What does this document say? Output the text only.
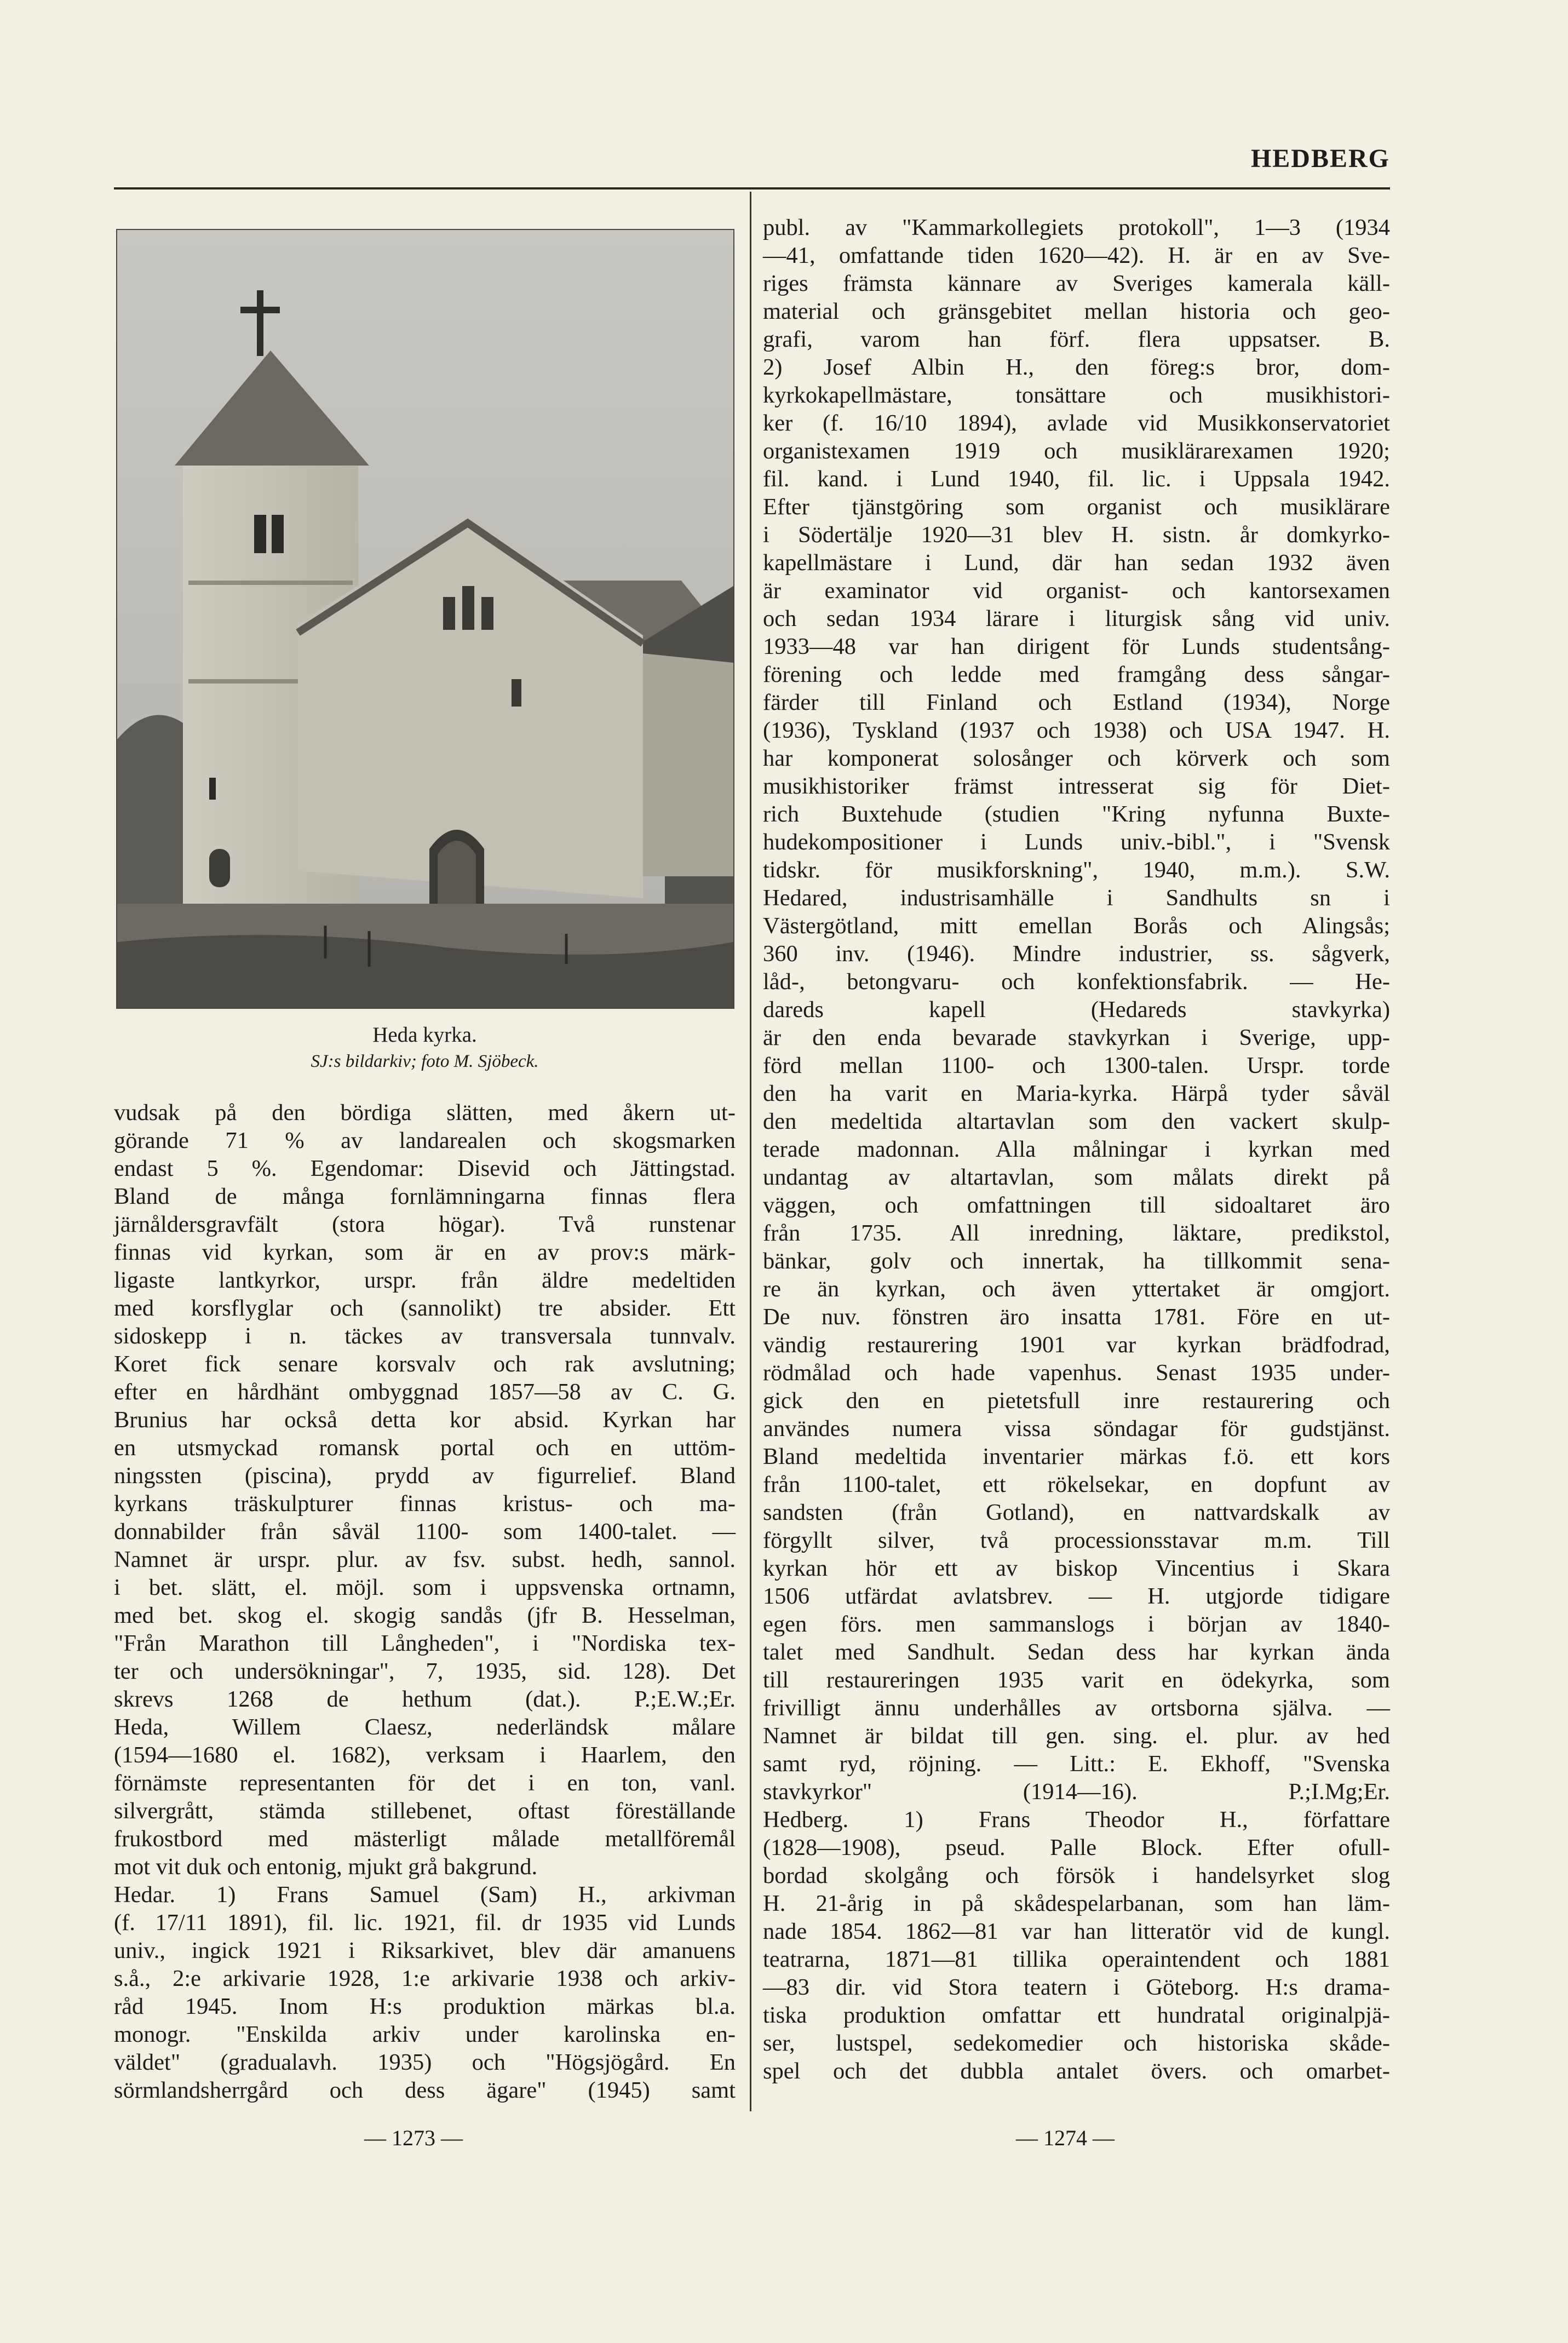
HEDBERG
Heda kyrka.
SJ:s bildarkiv; foto M. Sjöbeck.
vudsak på den bördiga slätten, med åkern ut-
görande 71 % av landarealen och skogsmarken
endast 5 %. Egendomar: Disevid och Jättingstad.
Bland de många fornlämningarna finnas flera
järnåldersgravfält (stora högar). Två runstenar
finnas vid kyrkan, som är en av prov:s märk-
ligaste lantkyrkor, urspr. från äldre medeltiden
med korsflyglar och (sannolikt) tre absider. Ett
sidoskepp i n. täckes av transversala tunnvalv.
Koret fick senare korsvalv och rak avslutning;
efter en hårdhänt ombyggnad 1857—58 av C. G.
Brunius har också detta kor absid. Kyrkan har
en utsmyckad romansk portal och en uttöm-
ningssten (piscina), prydd av figurrelief. Bland
kyrkans träskulpturer finnas kristus- och ma-
donnabilder från såväl 1100- som 1400-talet. —
Namnet är urspr. plur. av fsv. subst. hedh, sannol.
i bet. slätt, el. möjl. som i uppsvenska ortnamn,
med bet. skog el. skogig sandås (jfr B. Hesselman,
"Från Marathon till Långheden", i "Nordiska tex-
ter och undersökningar", 7, 1935, sid. 128). Det
skrevs 1268 de hethum (dat.). P.;E.W.;Er.
Heda, Willem Claesz, nederländsk målare
(1594—1680 el. 1682), verksam i Haarlem, den
förnämste representanten för det i en ton, vanl.
silvergrått, stämda stillebenet, oftast föreställande
frukostbord med mästerligt målade metallföremål
mot vit duk och entonig, mjukt grå bakgrund.
Hedar. 1) Frans Samuel (Sam) H., arkivman
(f. 17/11 1891), fil. lic. 1921, fil. dr 1935 vid Lunds
univ., ingick 1921 i Riksarkivet, blev där amanuens
s.å., 2:e arkivarie 1928, 1:e arkivarie 1938 och arkiv-
råd 1945. Inom H:s produktion märkas bl.a.
monogr. "Enskilda arkiv under karolinska en-
väldet" (gradualavh. 1935) och "Högsjögård. En
sörmlandsherrgård och dess ägare" (1945) samt
publ. av "Kammarkollegiets protokoll", 1—3 (1934
—41, omfattande tiden 1620—42). H. är en av Sve-
riges främsta kännare av Sveriges kamerala käll-
material och gränsgebitet mellan historia och geo-
grafi, varom han förf. flera uppsatser. B.
2) Josef Albin H., den föreg:s bror, dom-
kyrkokapellmästare, tonsättare och musikhistori-
ker (f. 16/10 1894), avlade vid Musikkonservatoriet
organistexamen 1919 och musiklärarexamen 1920;
fil. kand. i Lund 1940, fil. lic. i Uppsala 1942.
Efter tjänstgöring som organist och musiklärare
i Södertälje 1920—31 blev H. sistn. år domkyrko-
kapellmästare i Lund, där han sedan 1932 även
är examinator vid organist- och kantorsexamen
och sedan 1934 lärare i liturgisk sång vid univ.
1933—48 var han dirigent för Lunds studentsång-
förening och ledde med framgång dess sångar-
färder till Finland och Estland (1934), Norge
(1936), Tyskland (1937 och 1938) och USA 1947. H.
har komponerat solosånger och körverk och som
musikhistoriker främst intresserat sig för Diet-
rich Buxtehude (studien "Kring nyfunna Buxte-
hudekompositioner i Lunds univ.-bibl.", i "Svensk
tidskr. för musikforskning", 1940, m.m.). S.W.
Hedared, industrisamhälle i Sandhults sn i
Västergötland, mitt emellan Borås och Alingsås;
360 inv. (1946). Mindre industrier, ss. sågverk,
låd-, betongvaru- och konfektionsfabrik. — He-
dareds kapell (Hedareds stavkyrka)
är den enda bevarade stavkyrkan i Sverige, upp-
förd mellan 1100- och 1300-talen. Urspr. torde
den ha varit en Maria-kyrka. Härpå tyder såväl
den medeltida altartavlan som den vackert skulp-
terade madonnan. Alla målningar i kyrkan med
undantag av altartavlan, som målats direkt på
väggen, och omfattningen till sidoaltaret äro
från 1735. All inredning, läktare, predikstol,
bänkar, golv och innertak, ha tillkommit sena-
re än kyrkan, och även yttertaket är omgjort.
De nuv. fönstren äro insatta 1781. Före en ut-
vändig restaurering 1901 var kyrkan brädfodrad,
rödmålad och hade vapenhus. Senast 1935 under-
gick den en pietetsfull inre restaurering och
användes numera vissa söndagar för gudstjänst.
Bland medeltida inventarier märkas f.ö. ett kors
från 1100-talet, ett rökelsekar, en dopfunt av
sandsten (från Gotland), en nattvardskalk av
förgyllt silver, två processionsstavar m.m. Till
kyrkan hör ett av biskop Vincentius i Skara
1506 utfärdat avlatsbrev. — H. utgjorde tidigare
egen förs. men sammanslogs i början av 1840-
talet med Sandhult. Sedan dess har kyrkan ända
till restaureringen 1935 varit en ödekyrka, som
frivilligt ännu underhålles av ortsborna själva. —
Namnet är bildat till gen. sing. el. plur. av hed
samt ryd, röjning. — Litt.: E. Ekhoff, "Svenska
stavkyrkor" (1914—16). P.;I.Mg;Er.
Hedberg. 1) Frans Theodor H., författare
(1828—1908), pseud. Palle Block. Efter ofull-
bordad skolgång och försök i handelsyrket slog
H. 21-årig in på skådespelarbanan, som han läm-
nade 1854. 1862—81 var han litteratör vid de kungl.
teatrarna, 1871—81 tillika operaintendent och 1881
—83 dir. vid Stora teatern i Göteborg. H:s drama-
tiska produktion omfattar ett hundratal originalpjä-
ser, lustspel, sedekomedier och historiska skåde-
spel och det dubbla antalet övers. och omarbet-
— 1273 —	— 1274 —
